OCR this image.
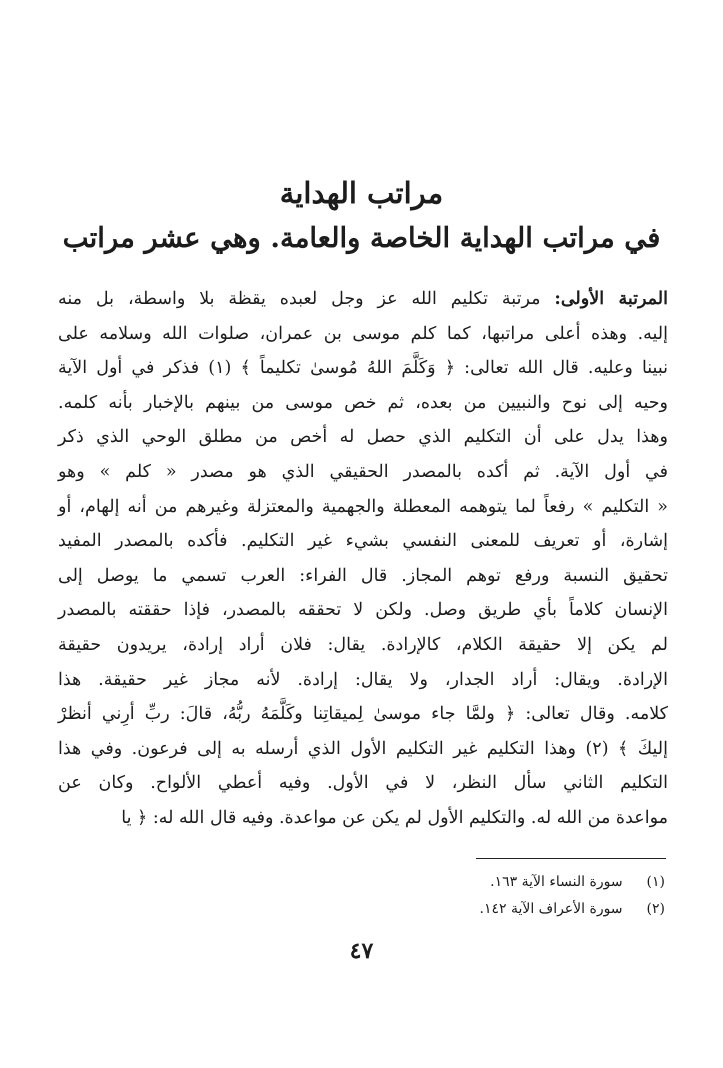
مراتب الهداية
في مراتب الهداية الخاصة والعامة. وهي عشر مراتب
المرتبة الأولى: مرتبة تكليم الله عز وجل لعبده يقظة بلا واسطة، بل منه
إليه. وهذه أعلى مراتبها، كما كلم موسى بن عمران، صلوات الله وسلامه على
نبينا وعليه. قال الله تعالى: ﴿ وَكَلَّمَ اللهُ مُوسىٰ تكليماً ﴾ (١) فذكر في أول الآية
وحيه إلى نوح والنبيين من بعده، ثم خص موسى من بينهم بالإخبار بأنه كلمه.
وهذا يدل على أن التكليم الذي حصل له أخص من مطلق الوحي الذي ذكر
في أول الآية. ثم أكده بالمصدر الحقيقي الذي هو مصدر « كلم » وهو
« التكليم » رفعاً لما يتوهمه المعطلة والجهمية والمعتزلة وغيرهم من أنه إلهام، أو
إشارة، أو تعريف للمعنى النفسي بشيء غير التكليم. فأكده بالمصدر المفيد
تحقيق النسبة ورفع توهم المجاز. قال الفراء: العرب تسمي ما يوصل إلى
الإنسان كلاماً بأي طريق وصل. ولكن لا تحققه بالمصدر، فإذا حققته بالمصدر
لم يكن إلا حقيقة الكلام، كالإرادة. يقال: فلان أراد إرادة، يريدون حقيقة
الإرادة. ويقال: أراد الجدار، ولا يقال: إرادة. لأنه مجاز غير حقيقة. هذا
كلامه. وقال تعالى: ﴿ ولمَّا جاء موسىٰ لِميقاتِنا وكَلَّمَهُ ربُّهُ، قالَ: ربِّ أرِني أنظرْ
إليكَ ﴾ (٢) وهذا التكليم غير التكليم الأول الذي أرسله به إلى فرعون. وفي هذا
التكليم الثاني سأل النظر، لا في الأول. وفيه أعطي الألواح. وكان عن
مواعدة من الله له. والتكليم الأول لم يكن عن مواعدة. وفيه قال الله له: ﴿ يا
(١) سورة النساء الآية ١٦٣.
(٢) سورة الأعراف الآية ١٤٢.
٤٧
